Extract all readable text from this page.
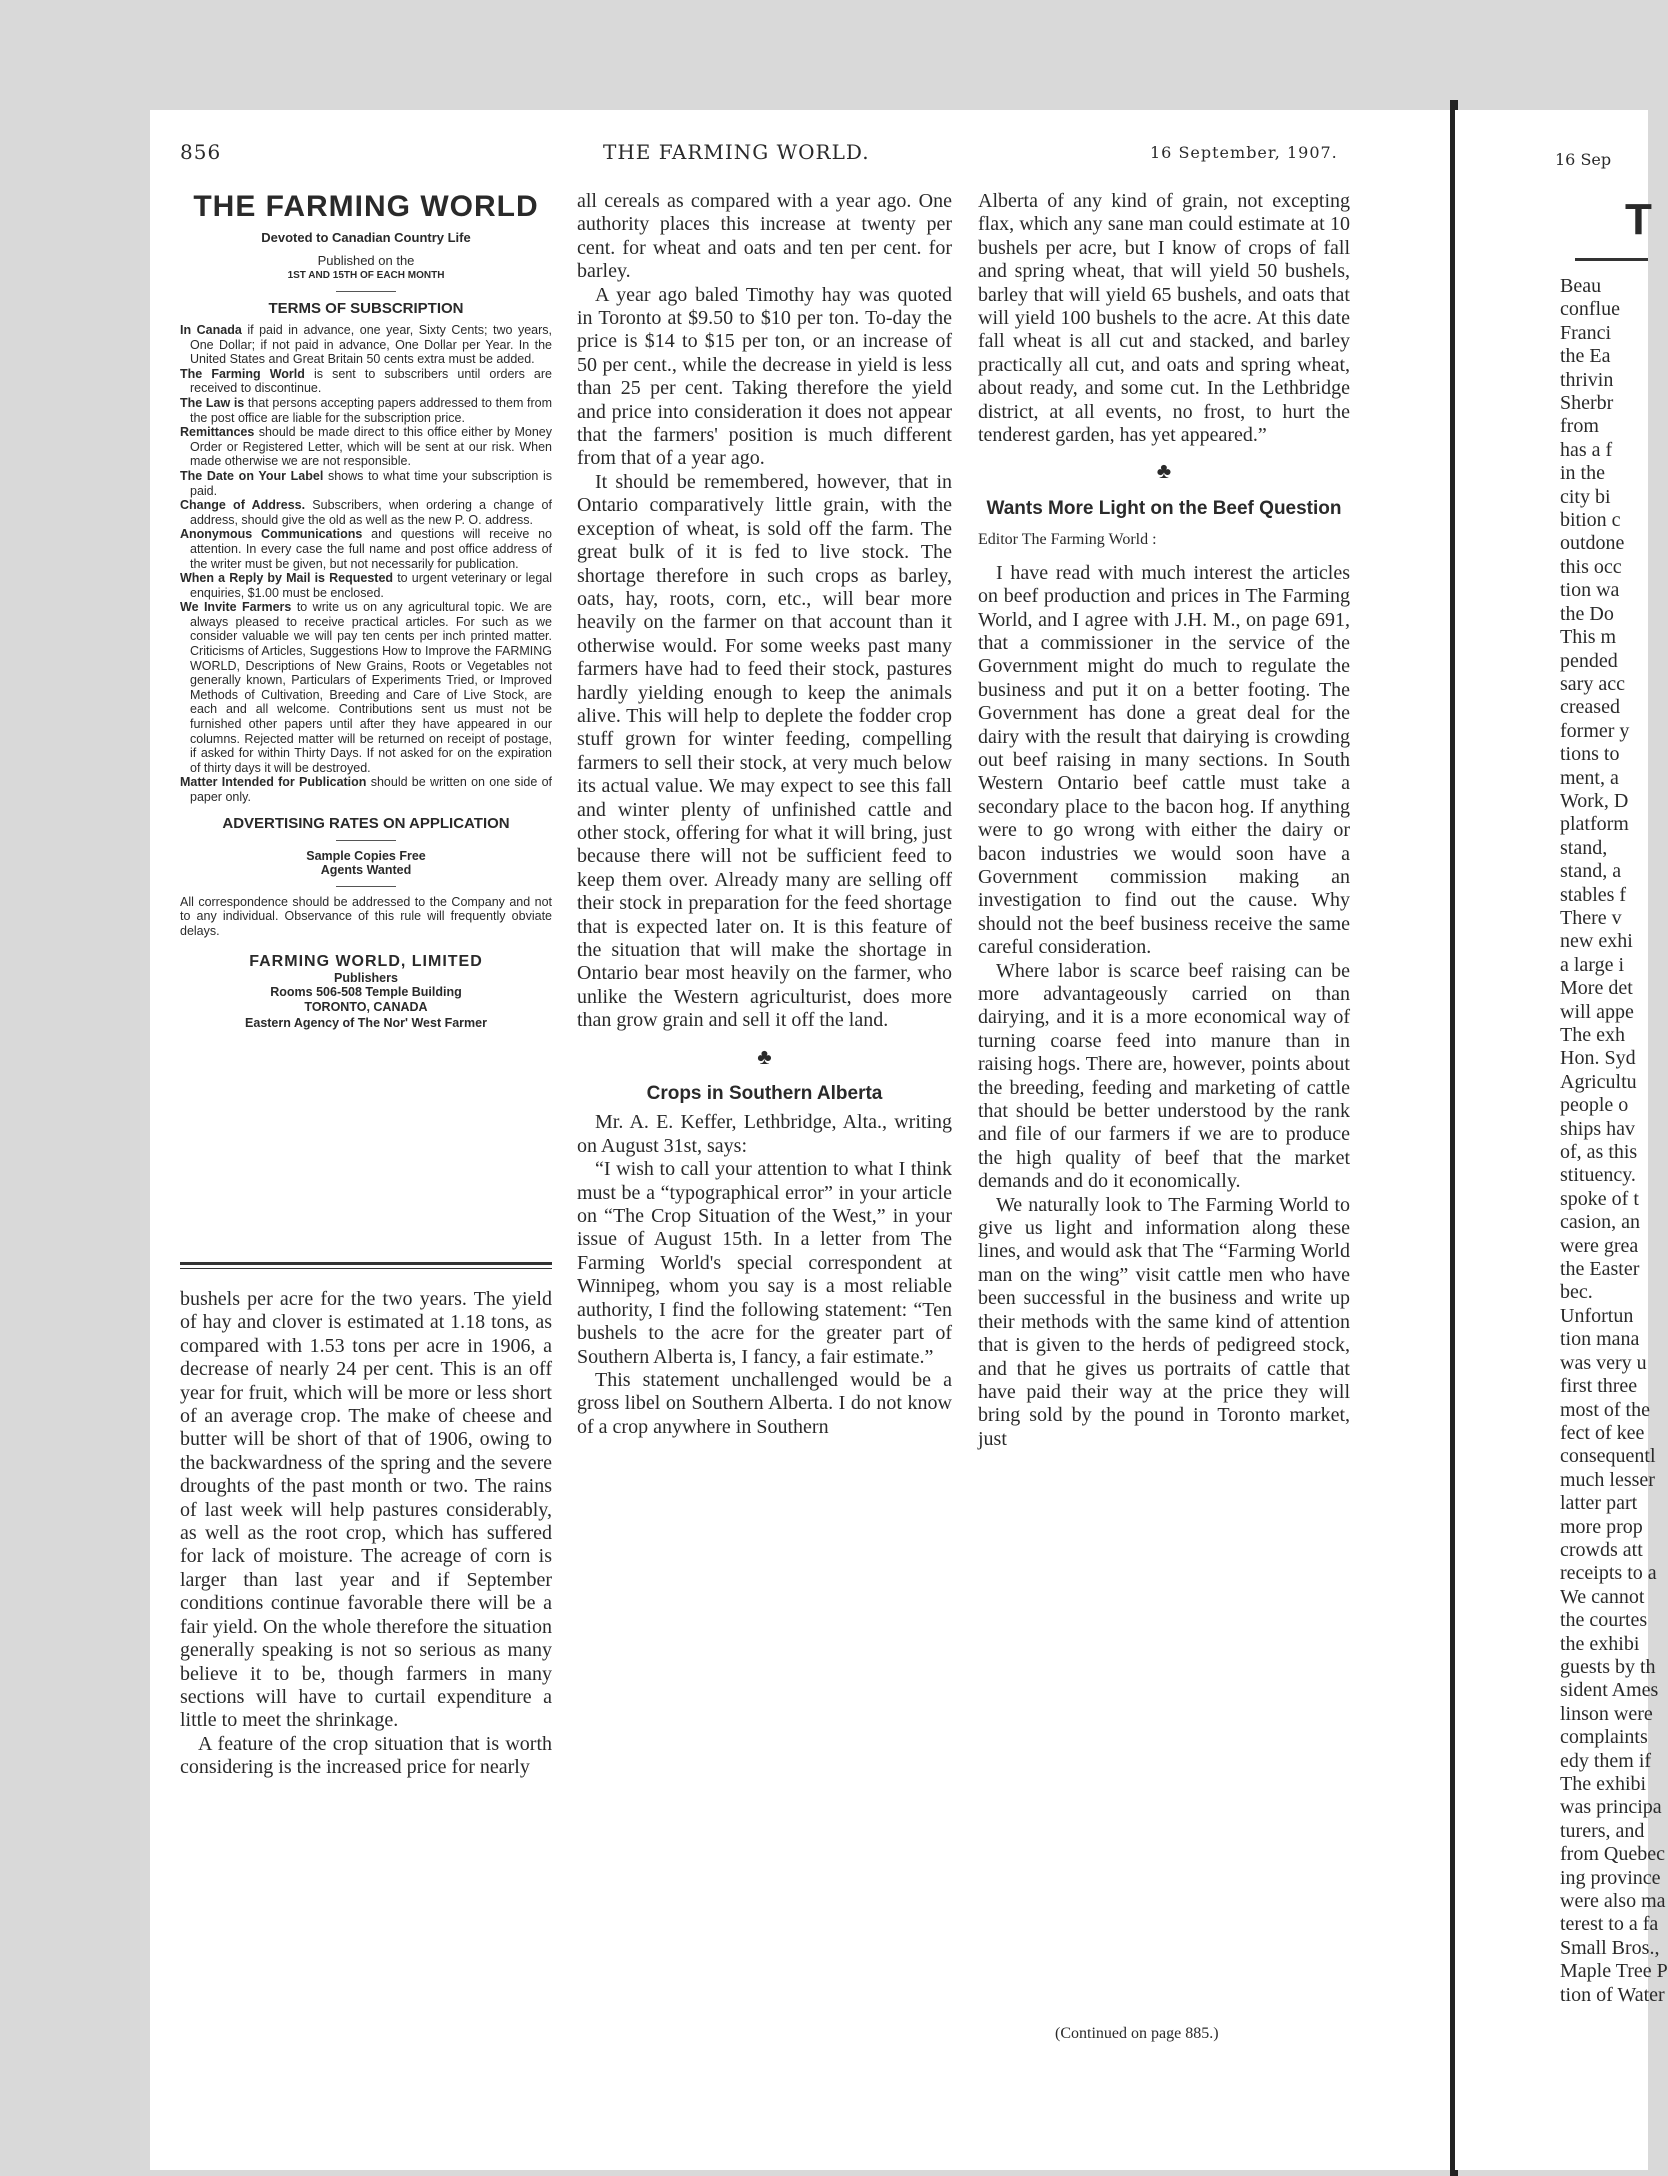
856	THE FARMING WORLD.	16 September, 1907.
THE FARMING WORLD
Devoted to Canadian Country Life
Published on the
1ST AND 15TH OF EACH MONTH
TERMS OF SUBSCRIPTION

In Canada if paid in advance, one year, Sixty Cents; two years, One Dollar; if not paid in advance, One Dollar per Year. In the United States and Great Britain 50 cents extra must be added.

The Farming World is sent to subscribers until orders are received to discontinue.

The Law is that persons accepting papers addressed to them from the post office are liable for the subscription price.

Remittances should be made direct to this office either by Money Order or Registered Letter, which will be sent at our risk. When made otherwise we are not responsible.

The Date on Your Label shows to what time your subscription is paid.

Change of Address. Subscribers, when ordering a change of address, should give the old as well as the new P. O. address.

Anonymous Communications and questions will receive no attention. In every case the full name and post office address of the writer must be given, but not necessarily for publication.

When a Reply by Mail is Requested to urgent veterinary or legal enquiries, $1.00 must be enclosed.

We Invite Farmers to write us on any agricultural topic. We are always pleased to receive practical articles. For such as we consider valuable we will pay ten cents per inch printed matter. Criticisms of Articles, Suggestions How to Improve the FARMING WORLD, Descriptions of New Grains, Roots or Vegetables not generally known, Particulars of Experiments Tried, or Improved Methods of Cultivation, Breeding and Care of Live Stock, are each and all welcome. Contributions sent us must not be furnished other papers until after they have appeared in our columns. Rejected matter will be returned on receipt of postage, if asked for within Thirty Days. If not asked for on the expiration of thirty days it will be destroyed.

Matter Intended for Publication should be written on one side of paper only.

ADVERTISING RATES ON APPLICATION
Sample Copies Free
Agents Wanted
All correspondence should be addressed to the Company and not to any individual. Observance of this rule will frequently obviate delays.
FARMING WORLD, LIMITED
Publishers
Rooms 506-508 Temple Building
TORONTO, CANADA
Eastern Agency of The Nor' West Farmer

bushels per acre for the two years. The yield of hay and clover is estimated at 1.18 tons, as compared with 1.53 tons per acre in 1906, a decrease of nearly 24 per cent. This is an off year for fruit, which will be more or less short of an average crop. The make of cheese and butter will be short of that of 1906, owing to the backwardness of the spring and the severe droughts of the past month or two. The rains of last week will help pastures considerably, as well as the root crop, which has suffered for lack of moisture. The acreage of corn is larger than last year and if September conditions continue favorable there will be a fair yield. On the whole therefore the situation generally speaking is not so serious as many believe it to be, though farmers in many sections will have to curtail expenditure a little to meet the shrinkage.

A feature of the crop situation that is worth considering is the increased price for nearly

all cereals as compared with a year ago. One authority places this increase at twenty per cent. for wheat and oats and ten per cent. for barley.

A year ago baled Timothy hay was quoted in Toronto at $9.50 to $10 per ton. To-day the price is $14 to $15 per ton, or an increase of 50 per cent., while the decrease in yield is less than 25 per cent. Taking therefore the yield and price into consideration it does not appear that the farmers' position is much different from that of a year ago.

It should be remembered, however, that in Ontario comparatively little grain, with the exception of wheat, is sold off the farm. The great bulk of it is fed to live stock. The shortage therefore in such crops as barley, oats, hay, roots, corn, etc., will bear more heavily on the farmer on that account than it otherwise would. For some weeks past many farmers have had to feed their stock, pastures hardly yielding enough to keep the animals alive. This will help to deplete the fodder crop stuff grown for winter feeding, compelling farmers to sell their stock, at very much below its actual value. We may expect to see this fall and winter plenty of unfinished cattle and other stock, offering for what it will bring, just because there will not be sufficient feed to keep them over. Already many are selling off their stock in preparation for the feed shortage that is expected later on. It is this feature of the situation that will make the shortage in Ontario bear most heavily on the farmer, who unlike the Western agriculturist, does more than grow grain and sell it off the land.

♣
Crops in Southern Alberta

Mr. A. E. Keffer, Lethbridge, Alta., writing on August 31st, says:

“I wish to call your attention to what I think must be a “typographical error” in your article on “The Crop Situation of the West,” in your issue of August 15th. In a letter from The Farming World's special correspondent at Winnipeg, whom you say is a most reliable authority, I find the following statement: “Ten bushels to the acre for the greater part of Southern Alberta is, I fancy, a fair estimate.”

This statement unchallenged would be a gross libel on Southern Alberta. I do not know of a crop anywhere in Southern

Alberta of any kind of grain, not excepting flax, which any sane man could estimate at 10 bushels per acre, but I know of crops of fall and spring wheat, that will yield 50 bushels, barley that will yield 65 bushels, and oats that will yield 100 bushels to the acre. At this date fall wheat is all cut and stacked, and barley practically all cut, and oats and spring wheat, about ready, and some cut. In the Lethbridge district, at all events, no frost, to hurt the tenderest garden, has yet appeared.”

♣
Wants More Light on the Beef Question

Editor The Farming World :

I have read with much interest the articles on beef production and prices in The Farming World, and I agree with J.H. M., on page 691, that a commissioner in the service of the Government might do much to regulate the business and put it on a better footing. The Government has done a great deal for the dairy with the result that dairying is crowding out beef raising in many sections. In South Western Ontario beef cattle must take a secondary place to the bacon hog. If anything were to go wrong with either the dairy or bacon industries we would soon have a Government commission making an investigation to find out the cause. Why should not the beef business receive the same careful consideration.

Where labor is scarce beef raising can be more advantageously carried on than dairying, and it is a more economical way of turning coarse feed into manure than in raising hogs. There are, however, points about the breeding, feeding and marketing of cattle that should be better understood by the rank and file of our farmers if we are to produce the high quality of beef that the market demands and do it economically.

We naturally look to The Farming World to give us light and information along these lines, and would ask that The “Farming World man on the wing” visit cattle men who have been successful in the business and write up their methods with the same kind of attention that is given to the herds of pedigreed stock, and that he gives us portraits of cattle that have paid their way at the price they will bring sold by the pound in Toronto market, just

(Continued on page 885.)
16 Sep
T
Beau
conflue
Franci
the Ea
thrivin
Sherbr
from
has a f
in the
city bi
bition c
outdone
this occ
tion wa
the Do
This m
pended
sary acc
creased
former y
tions to
ment, a
Work, D
platform
stand,
stand, a
stables f
There v
new exhi
a large i
More det
will appe
The exh
Hon. Syd
Agricultu
people o
ships hav
of, as this
stituency.
spoke of t
casion, an
were grea
the Easter
bec.
Unfortun
tion mana
was very u
first three
most of the
fect of kee
consequentl
much lesser
latter part
more prop
crowds att
receipts to a
We cannot
the courtes
the exhibi
guests by th
sident Ames
linson were
complaints
edy them if
The exhibi
was principa
turers, and
from Quebec
ing province
were also ma
terest to a fa
Small Bros.,
Maple Tree P
tion of Water
